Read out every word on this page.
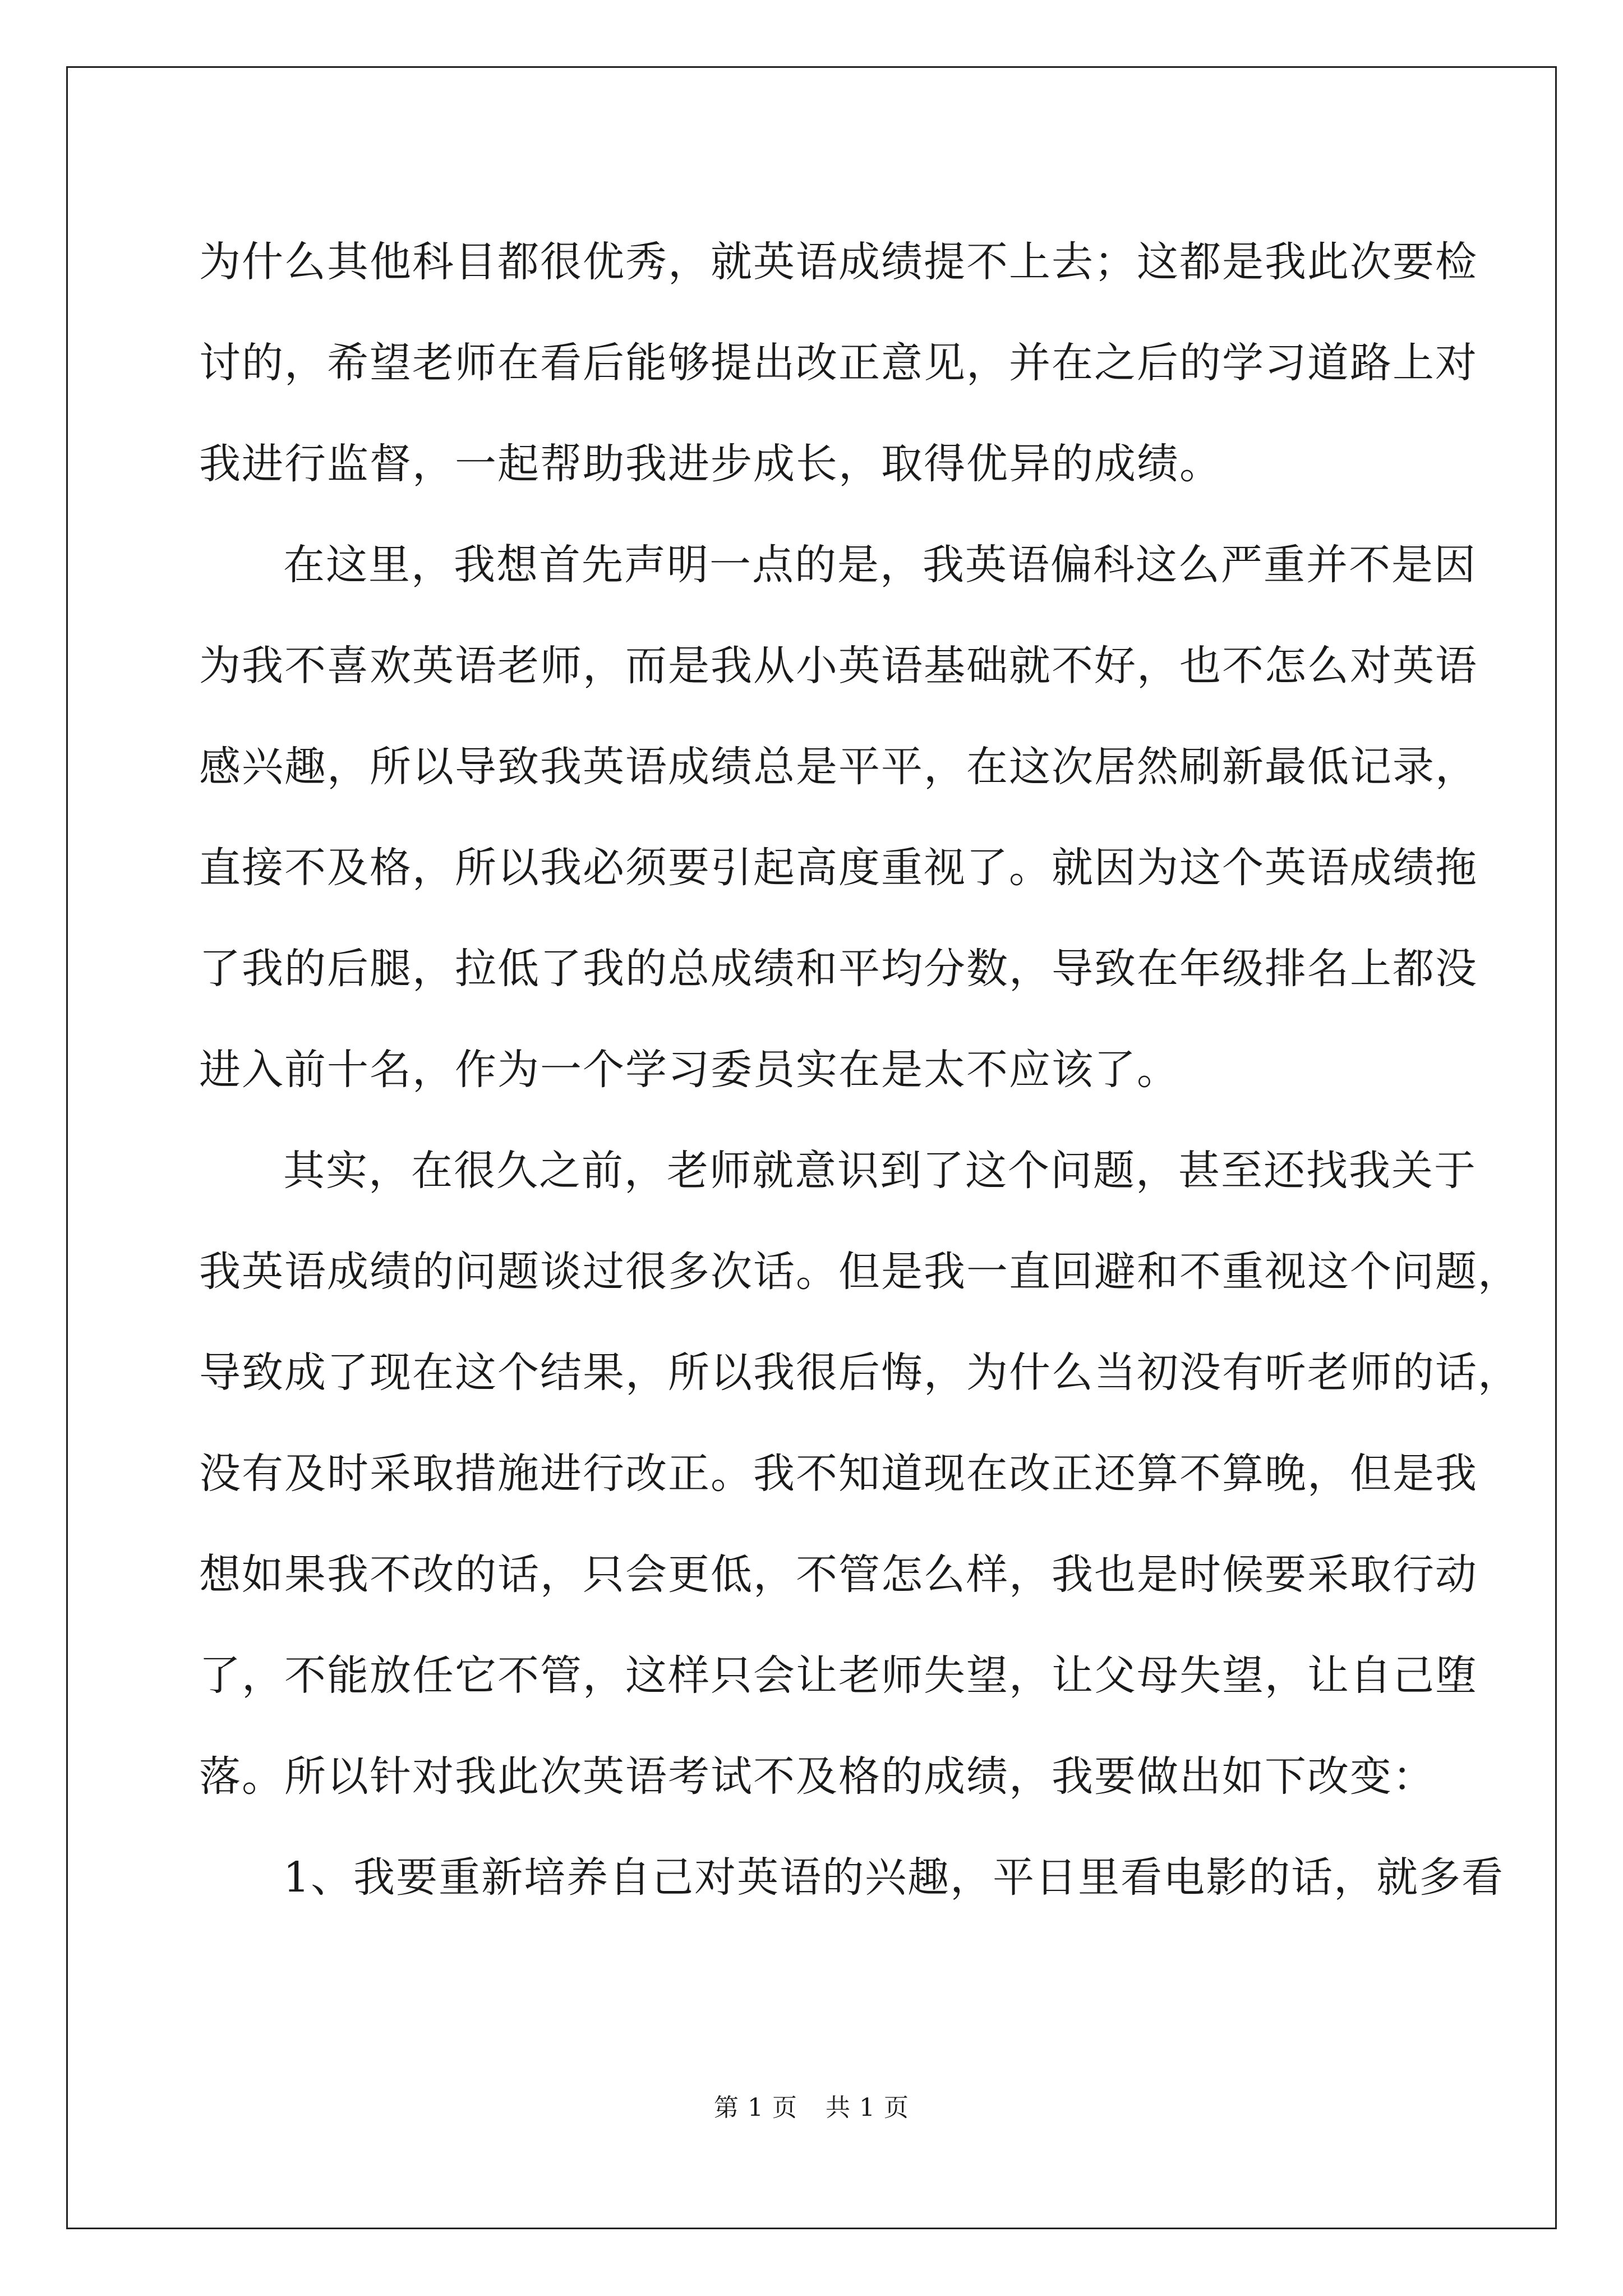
为什么其他科目都很优秀，就英语成绩提不上去；这都是我此次要检
讨的，希望老师在看后能够提出改正意见，并在之后的学习道路上对
我进行监督，一起帮助我进步成长，取得优异的成绩。
在这里，我想首先声明一点的是，我英语偏科这么严重并不是因
为我不喜欢英语老师，而是我从小英语基础就不好，也不怎么对英语
感兴趣，所以导致我英语成绩总是平平，在这次居然刷新最低记录，
直接不及格，所以我必须要引起高度重视了。就因为这个英语成绩拖
了我的后腿，拉低了我的总成绩和平均分数，导致在年级排名上都没
进入前十名，作为一个学习委员实在是太不应该了。
其实，在很久之前，老师就意识到了这个问题，甚至还找我关于
我英语成绩的问题谈过很多次话。但是我一直回避和不重视这个问题，
导致成了现在这个结果，所以我很后悔，为什么当初没有听老师的话，
没有及时采取措施进行改正。我不知道现在改正还算不算晚，但是我
想如果我不改的话，只会更低，不管怎么样，我也是时候要采取行动
了，不能放任它不管，这样只会让老师失望，让父母失望，让自己堕
落。所以针对我此次英语考试不及格的成绩，我要做出如下改变：
1、我要重新培养自己对英语的兴趣，平日里看电影的话，就多看
第 1 页 共 1 页
